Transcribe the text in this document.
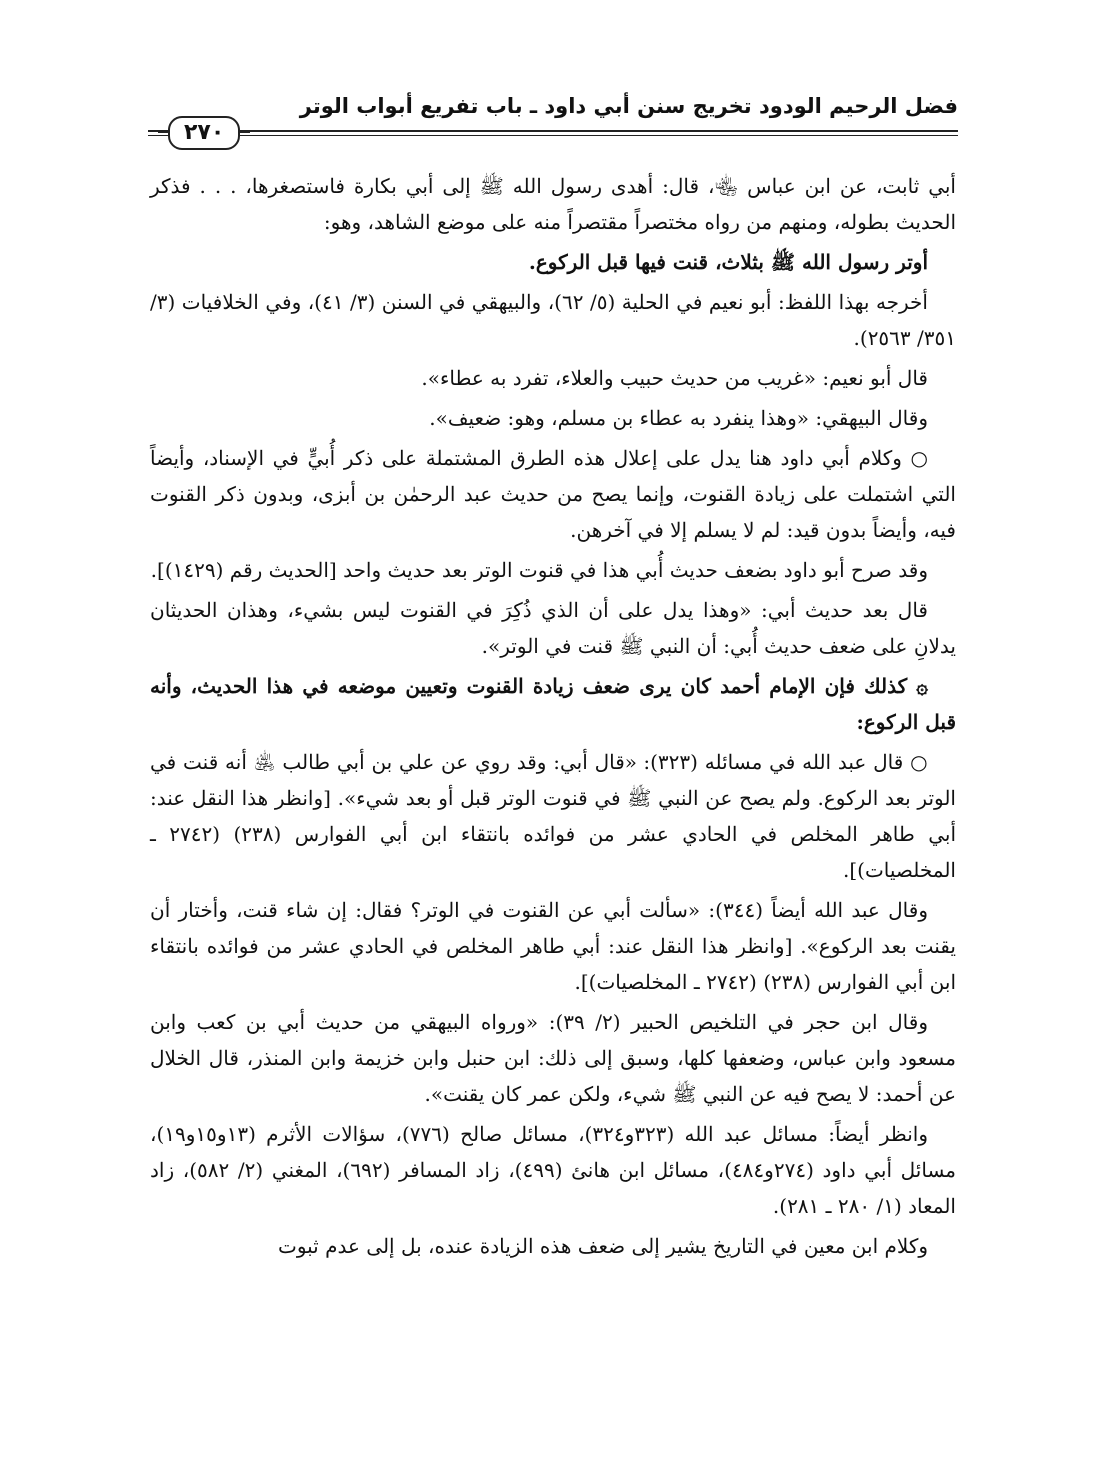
فضل الرحيم الودود تخريج سنن أبي داود ـ باب تفريع أبواب الوتر
٢٧٠

أبي ثابت، عن ابن عباس ﵄، قال: أهدى رسول الله ﷺ إلى أبي بكارة فاستصغرها، . . . فذكر الحديث بطوله، ومنهم من رواه مختصراً مقتصراً منه على موضع الشاهد، وهو:

أوتر رسول الله ﷺ بثلاث، قنت فيها قبل الركوع.

أخرجه بهذا اللفظ: أبو نعيم في الحلية (٥/ ٦٢)، والبيهقي في السنن (٣/ ٤١)، وفي الخلافيات (٣/ ٣٥١/ ٢٥٦٣).

قال أبو نعيم: «غريب من حديث حبيب والعلاء، تفرد به عطاء».

وقال البيهقي: «وهذا ينفرد به عطاء بن مسلم، وهو: ضعيف».

○ وكلام أبي داود هنا يدل على إعلال هذه الطرق المشتملة على ذكر أُبيٍّ في الإسناد، وأيضاً التي اشتملت على زيادة القنوت، وإنما يصح من حديث عبد الرحمٰن بن أبزى، وبدون ذكر القنوت فيه، وأيضاً بدون قيد: لم لا يسلم إلا في آخرهن.

وقد صرح أبو داود بضعف حديث أُبي هذا في قنوت الوتر بعد حديث واحد [الحديث رقم (١٤٢٩)].

قال بعد حديث أبي: «وهذا يدل على أن الذي ذُكِرَ في القنوت ليس بشيء، وهذان الحديثان يدلانِ على ضعف حديث أُبي: أن النبي ﷺ قنت في الوتر».

۞ كذلك فإن الإمام أحمد كان يرى ضعف زيادة القنوت وتعيين موضعه في هذا الحديث، وأنه قبل الركوع:

○ قال عبد الله في مسائله (٣٢٣): «قال أبي: وقد روي عن علي بن أبي طالب ﵁ أنه قنت في الوتر بعد الركوع. ولم يصح عن النبي ﷺ في قنوت الوتر قبل أو بعد شيء». [وانظر هذا النقل عند: أبي طاهر المخلص في الحادي عشر من فوائده بانتقاء ابن أبي الفوارس (٢٣٨) (٢٧٤٢ ـ المخلصيات)].

وقال عبد الله أيضاً (٣٤٤): «سألت أبي عن القنوت في الوتر؟ فقال: إن شاء قنت، وأختار أن يقنت بعد الركوع». [وانظر هذا النقل عند: أبي طاهر المخلص في الحادي عشر من فوائده بانتقاء ابن أبي الفوارس (٢٣٨) (٢٧٤٢ ـ المخلصيات)].

وقال ابن حجر في التلخيص الحبير (٢/ ٣٩): «ورواه البيهقي من حديث أبي بن كعب وابن مسعود وابن عباس، وضعفها كلها، وسبق إلى ذلك: ابن حنبل وابن خزيمة وابن المنذر، قال الخلال عن أحمد: لا يصح فيه عن النبي ﷺ شيء، ولكن عمر كان يقنت».

وانظر أيضاً: مسائل عبد الله (٣٢٣و٣٢٤)، مسائل صالح (٧٧٦)، سؤالات الأثرم (١٣و١٥و١٩)، مسائل أبي داود (٢٧٤و٤٨٤)، مسائل ابن هانئ (٤٩٩)، زاد المسافر (٦٩٢)، المغني (٢/ ٥٨٢)، زاد المعاد (١/ ٢٨٠ ـ ٢٨١).

وكلام ابن معين في التاريخ يشير إلى ضعف هذه الزيادة عنده، بل إلى عدم ثبوت
